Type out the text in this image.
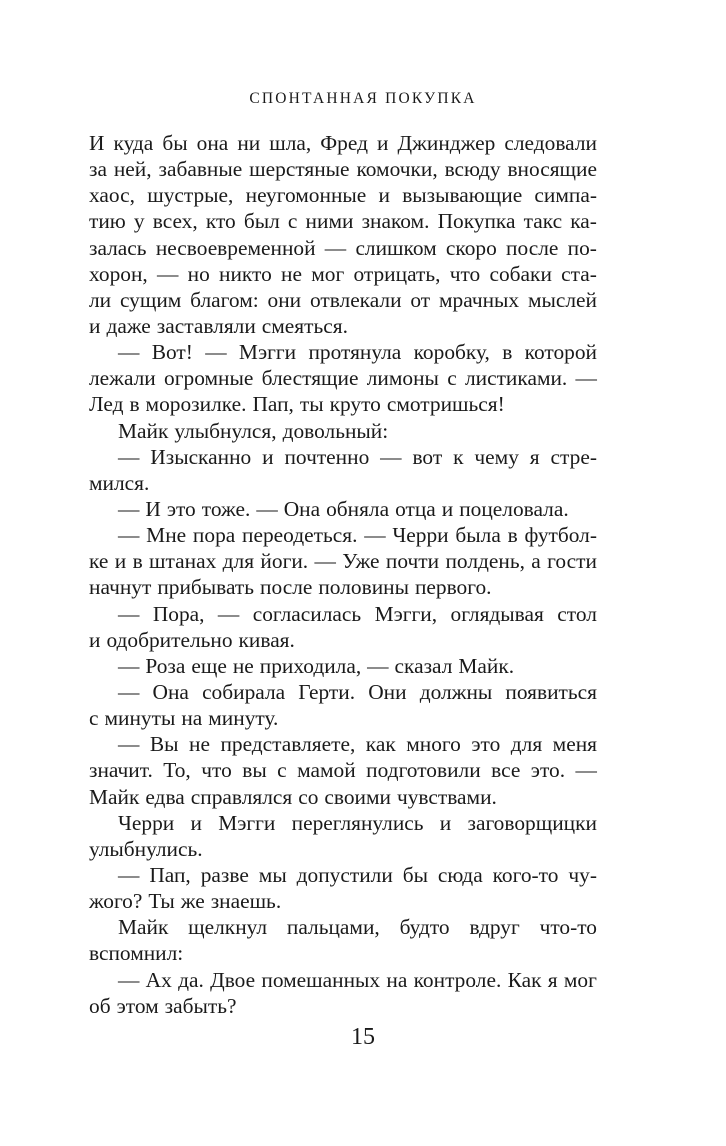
СПОНТАННАЯ ПОКУПКА
И куда бы она ни шла, Фред и Джинджер следовали
за ней, забавные шерстяные комочки, всюду вносящие
хаос, шустрые, неугомонные и вызывающие симпа-
тию у всех, кто был с ними знаком. Покупка такс ка-
залась несвоевременной — слишком скоро после по-
хорон, — но никто не мог отрицать, что собаки ста-
ли сущим благом: они отвлекали от мрачных мыслей
и даже заставляли смеяться.
— Вот! — Мэгги протянула коробку, в которой
лежали огромные блестящие лимоны с листиками. —
Лед в морозилке. Пап, ты круто смотришься!
Майк улыбнулся, довольный:
— Изысканно и почтенно — вот к чему я стре-
мился.
— И это тоже. — Она обняла отца и поцеловала.
— Мне пора переодеться. — Черри была в футбол-
ке и в штанах для йоги. — Уже почти полдень, а гости
начнут прибывать после половины первого.
— Пора, — согласилась Мэгги, оглядывая стол
и одобрительно кивая.
— Роза еще не приходила, — сказал Майк.
— Она собирала Герти. Они должны появиться
с минуты на минуту.
— Вы не представляете, как много это для меня
значит. То, что вы с мамой подготовили все это. —
Майк едва справлялся со своими чувствами.
Черри и Мэгги переглянулись и заговорщицки
улыбнулись.
— Пап, разве мы допустили бы сюда кого-то чу-
жого? Ты же знаешь.
Майк щелкнул пальцами, будто вдруг что-то
вспомнил:
— Ах да. Двое помешанных на контроле. Как я мог
об этом забыть?
15
